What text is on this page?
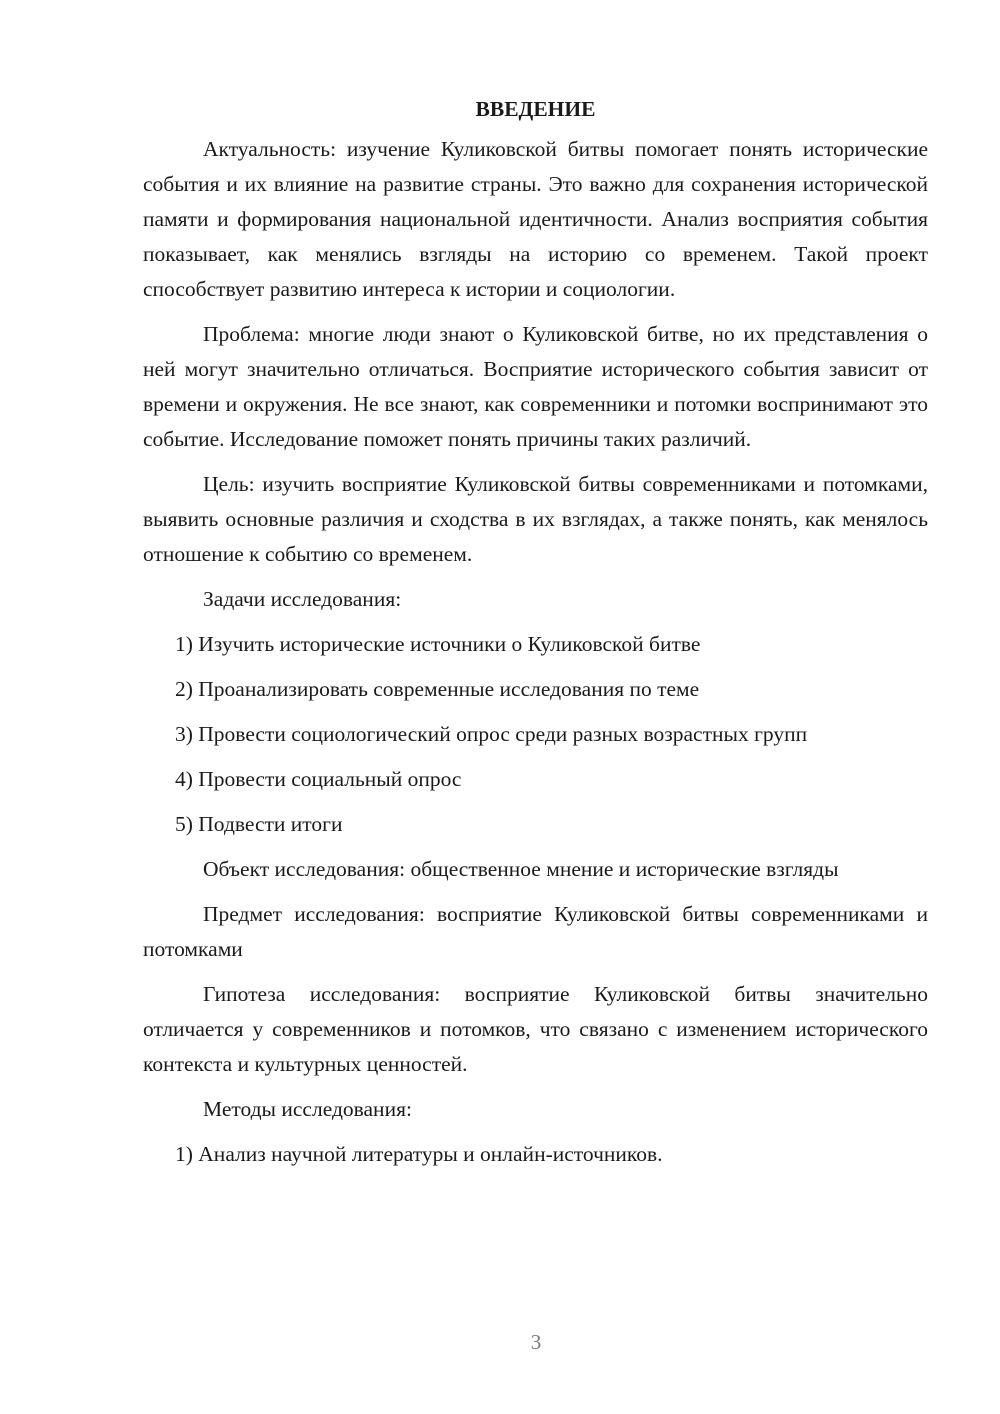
ВВЕДЕНИЕ

Актуальность: изучение Куликовской битвы помогает понять исторические события и их влияние на развитие страны. Это важно для сохранения исторической памяти и формирования национальной идентичности. Анализ восприятия события показывает, как менялись взгляды на историю со временем. Такой проект способствует развитию интереса к истории и социологии.

Проблема: многие люди знают о Куликовской битве, но их представления о ней могут значительно отличаться. Восприятие исторического события зависит от времени и окружения. Не все знают, как современники и потомки воспринимают это событие. Исследование поможет понять причины таких различий.

Цель: изучить восприятие Куликовской битвы современниками и потомками, выявить основные различия и сходства в их взглядах, а также понять, как менялось отношение к событию со временем.

Задачи исследования:
1) Изучить исторические источники о Куликовской битве
2) Проанализировать современные исследования по теме
3) Провести социологический опрос среди разных возрастных групп
4) Провести социальный опрос
5) Подвести итоги

Объект исследования: общественное мнение и исторические взгляды

Предмет исследования: восприятие Куликовской битвы современниками и потомками

Гипотеза исследования: восприятие Куликовской битвы значительно отличается у современников и потомков, что связано с изменением исторического контекста и культурных ценностей.

Методы исследования:
1) Анализ научной литературы и онлайн-источников.
3
